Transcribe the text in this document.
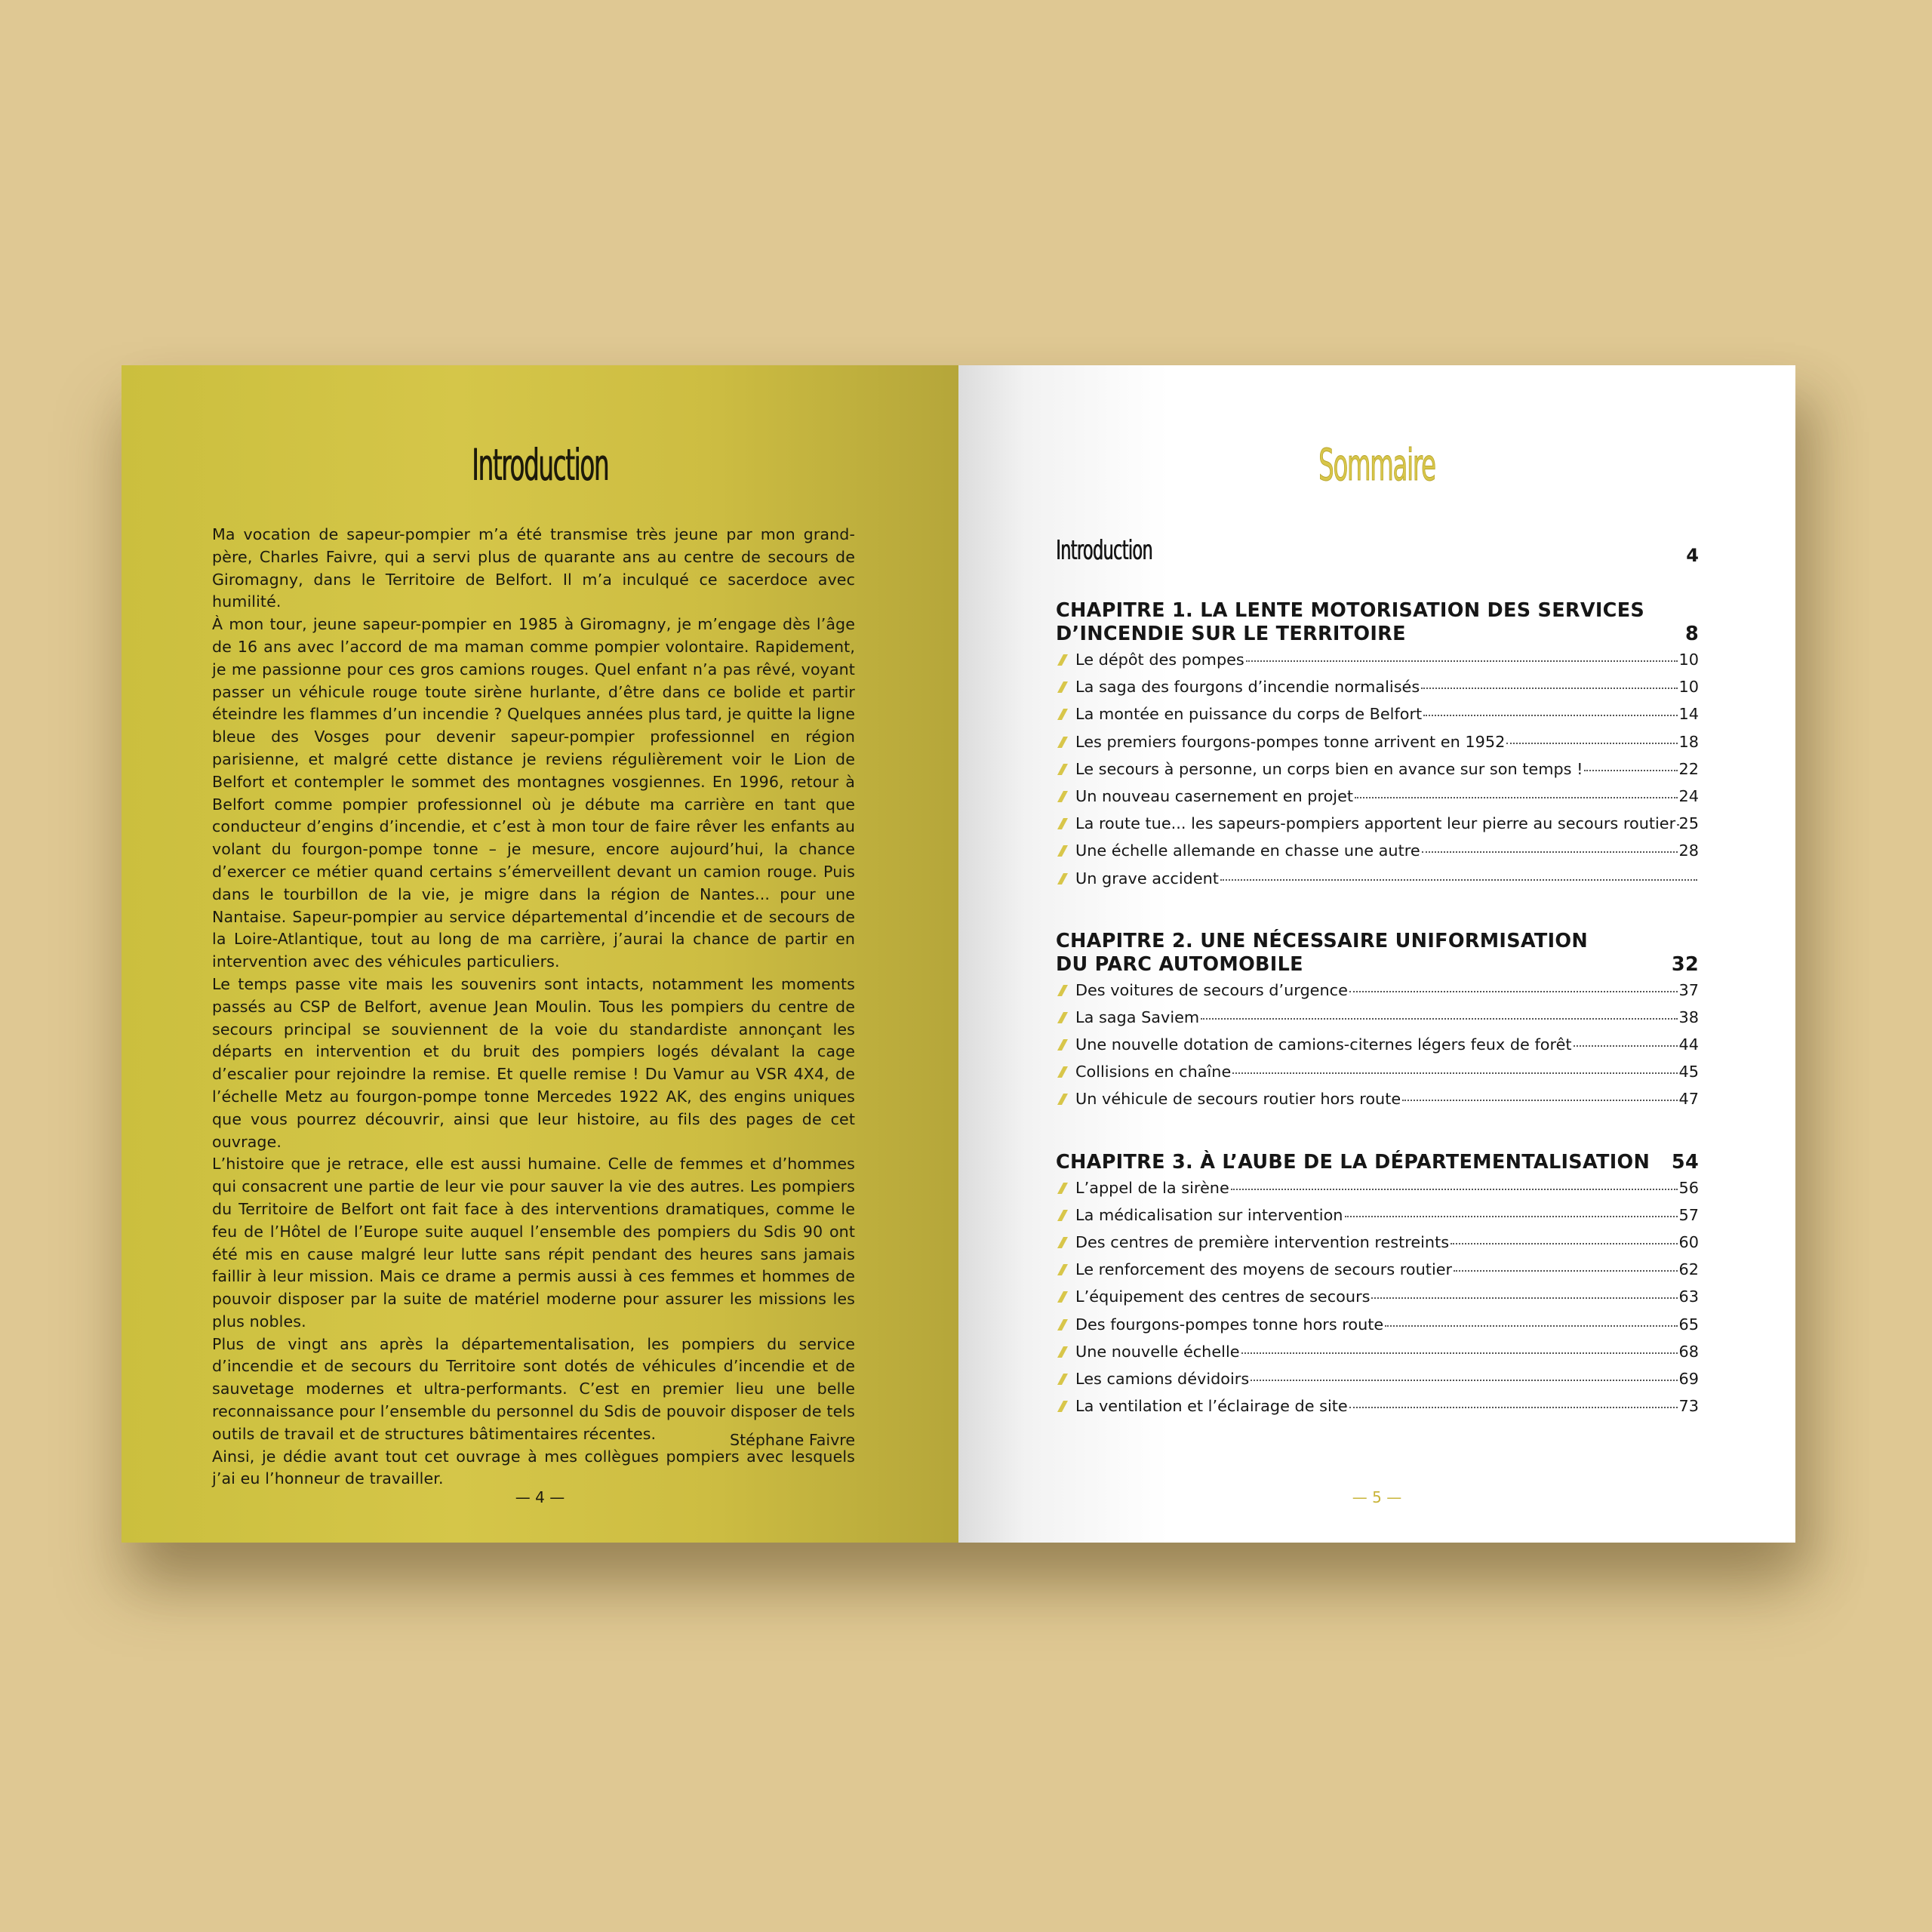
Introduction

Ma vocation de sapeur-pompier m’a été transmise très jeune par mon grand-père, Charles Faivre, qui a servi plus de quarante ans au centre de secours de Giromagny, dans le Territoire de Belfort. Il m’a inculqué ce sacerdoce avec humilité.

À mon tour, jeune sapeur-pompier en 1985 à Giromagny, je m’engage dès l’âge de 16 ans avec l’accord de ma maman comme pompier volontaire. Rapidement, je me passionne pour ces gros camions rouges. Quel enfant n’a pas rêvé, voyant passer un véhicule rouge toute sirène hurlante, d’être dans ce bolide et partir éteindre les flammes d’un incendie ? Quelques années plus tard, je quitte la ligne bleue des Vosges pour devenir sapeur-pompier professionnel en région parisienne, et malgré cette distance je reviens régulièrement voir le Lion de Belfort et contempler le sommet des montagnes vosgiennes. En 1996, retour à Belfort comme pompier professionnel où je débute ma carrière en tant que conducteur d’engins d’incendie, et c’est à mon tour de faire rêver les enfants au volant du fourgon-pompe tonne – je mesure, encore aujourd’hui, la chance d’exercer ce métier quand certains s’émerveillent devant un camion rouge. Puis dans le tourbillon de la vie, je migre dans la région de Nantes... pour une Nantaise. Sapeur-pompier au service départemental d’incendie et de secours de la Loire-Atlantique, tout au long de ma carrière, j’aurai la chance de partir en intervention avec des véhicules particuliers.

Le temps passe vite mais les souvenirs sont intacts, notamment les moments passés au CSP de Belfort, avenue Jean Moulin. Tous les pompiers du centre de secours principal se souviennent de la voie du standardiste annonçant les départs en intervention et du bruit des pompiers logés dévalant la cage d’escalier pour rejoindre la remise. Et quelle remise ! Du Vamur au VSR 4X4, de l’échelle Metz au fourgon-pompe tonne Mercedes 1922 AK, des engins uniques que vous pourrez découvrir, ainsi que leur histoire, au fils des pages de cet ouvrage.

L’histoire que je retrace, elle est aussi humaine. Celle de femmes et d’hommes qui consacrent une partie de leur vie pour sauver la vie des autres. Les pompiers du Territoire de Belfort ont fait face à des interventions dramatiques, comme le feu de l’Hôtel de l’Europe suite auquel l’ensemble des pompiers du Sdis 90 ont été mis en cause malgré leur lutte sans répit pendant des heures sans jamais faillir à leur mission. Mais ce drame a permis aussi à ces femmes et hommes de pouvoir disposer par la suite de matériel moderne pour assurer les missions les plus nobles.

Plus de vingt ans après la départementalisation, les pompiers du service d’incendie et de secours du Territoire sont dotés de véhicules d’incendie et de sauvetage modernes et ultra-performants. C’est en premier lieu une belle reconnaissance pour l’ensemble du personnel du Sdis de pouvoir disposer de tels outils de travail et de structures bâtimentaires récentes.

Ainsi, je dédie avant tout cet ouvrage à mes collègues pompiers avec lesquels j’ai eu l’honneur de travailler.

Stéphane Faivre
— 4 —
Sommaire
Introduction	4
CHAPITRE 1. LA LENTE MOTORISATION DES SERVICES
D’INCENDIE SUR LE TERRITOIRE	8
Le dépôt des pompes	10
La saga des fourgons d’incendie normalisés	10
La montée en puissance du corps de Belfort	14
Les premiers fourgons-pompes tonne arrivent en 1952	18
Le secours à personne, un corps bien en avance sur son temps !	22
Un nouveau casernement en projet	24
La route tue... les sapeurs-pompiers apportent leur pierre au secours routier 25
Une échelle allemande en chasse une autre	28
Un grave accident
CHAPITRE 2. UNE NÉCESSAIRE UNIFORMISATION
DU PARC AUTOMOBILE	32
Des voitures de secours d’urgence	37
La saga Saviem	38
Une nouvelle dotation de camions-citernes légers feux de forêt	44
Collisions en chaîne	45
Un véhicule de secours routier hors route	47
CHAPITRE 3. À L’AUBE DE LA DÉPARTEMENTALISATION 54
L’appel de la sirène	56
La médicalisation sur intervention	57
Des centres de première intervention restreints	60
Le renforcement des moyens de secours routier	62
L’équipement des centres de secours	63
Des fourgons-pompes tonne hors route	65
Une nouvelle échelle	68
Les camions dévidoirs	69
La ventilation et l’éclairage de site	73
— 5 —
